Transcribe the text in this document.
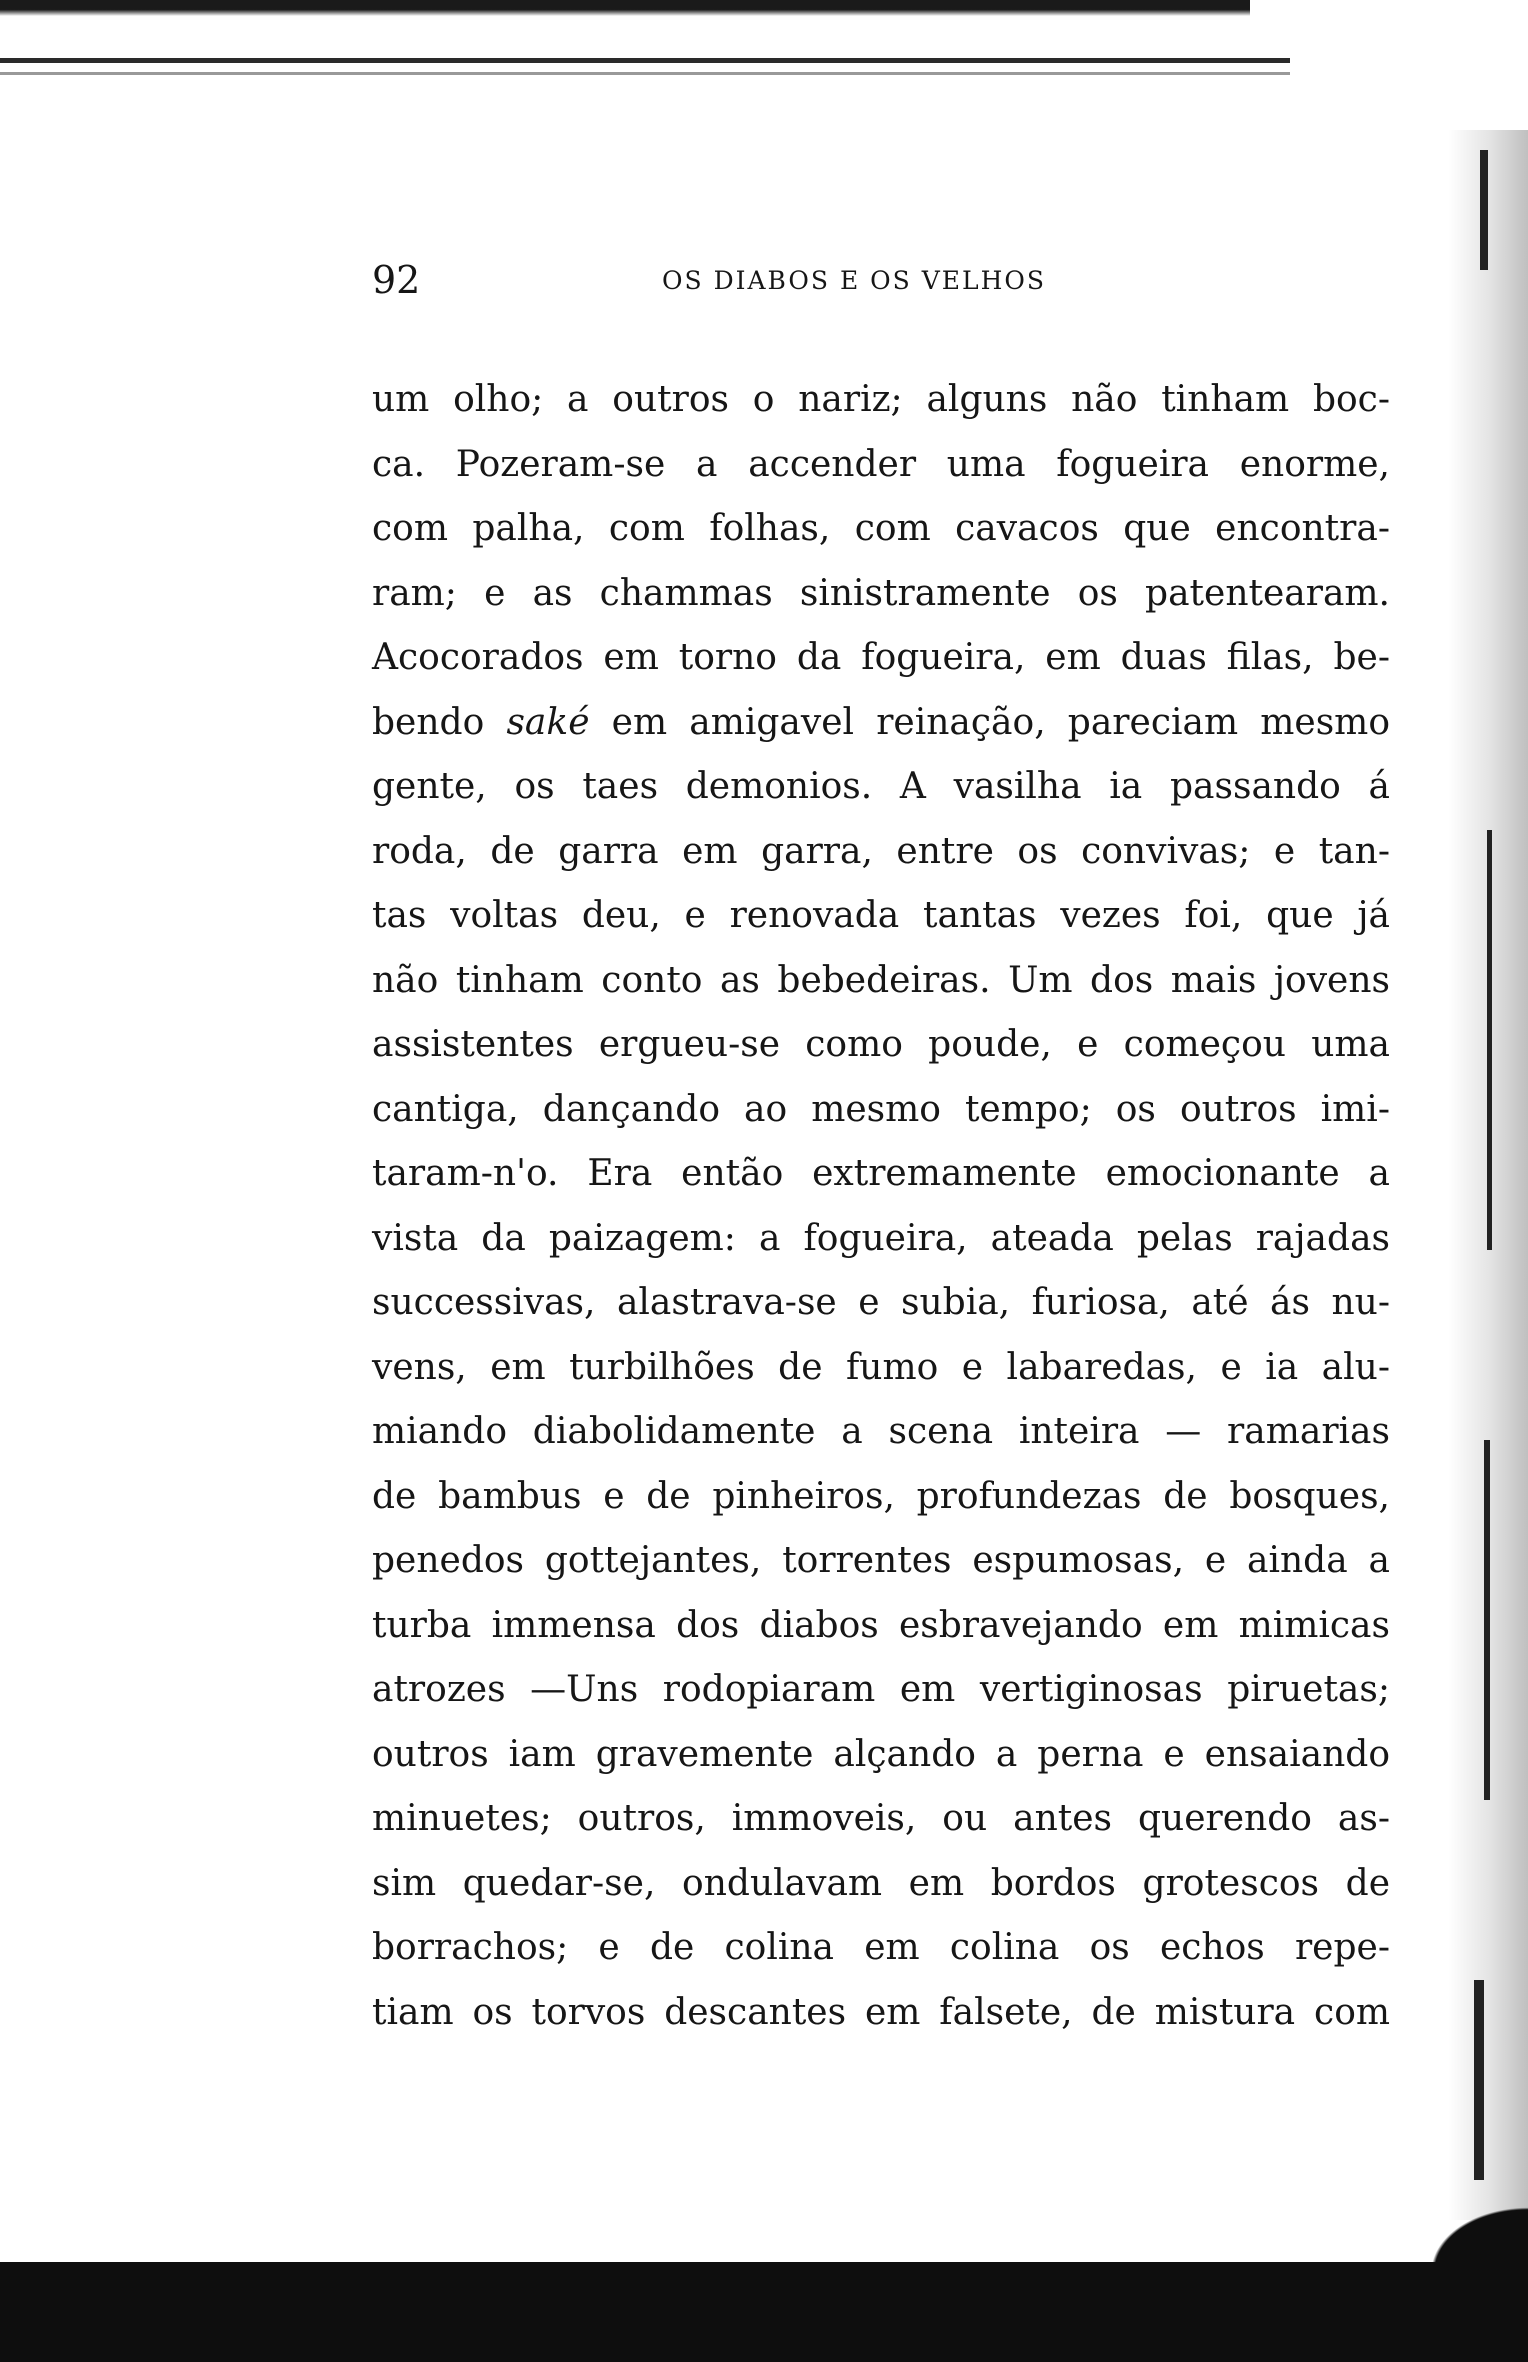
92	OS DIABOS E OS VELHOS
um olho; a outros o nariz; alguns não tinham boc-
ca. Pozeram-se a accender uma fogueira enorme,
com palha, com folhas, com cavacos que encontra-
ram; e as chammas sinistramente os patentearam.
Acocorados em torno da fogueira, em duas filas, be-
bendo saké em amigavel reinação, pareciam mesmo
gente, os taes demonios. A vasilha ia passando á
roda, de garra em garra, entre os convivas; e tan-
tas voltas deu, e renovada tantas vezes foi, que já
não tinham conto as bebedeiras. Um dos mais jovens
assistentes ergueu-se como poude, e começou uma
cantiga, dançando ao mesmo tempo; os outros imi-
taram-n'o. Era então extremamente emocionante a
vista da paizagem: a fogueira, ateada pelas rajadas
successivas, alastrava-se e subia, furiosa, até ás nu-
vens, em turbilhões de fumo e labaredas, e ia alu-
miando diabolidamente a scena inteira — ramarias
de bambus e de pinheiros, profundezas de bosques,
penedos gottejantes, torrentes espumosas, e ainda a
turba immensa dos diabos esbravejando em mimicas
atrozes —Uns rodopiaram em vertiginosas piruetas;
outros iam gravemente alçando a perna e ensaiando
minuetes; outros, immoveis, ou antes querendo as-
sim quedar-se, ondulavam em bordos grotescos de
borrachos; e de colina em colina os echos repe-
tiam os torvos descantes em falsete, de mistura com
